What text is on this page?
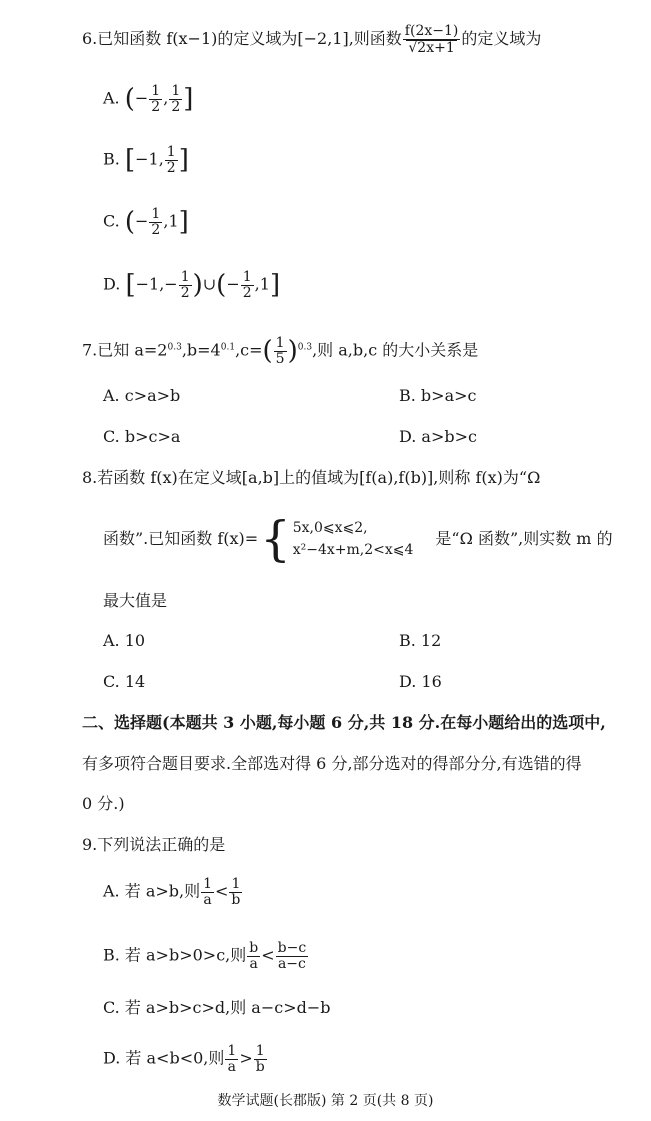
6.已知函数 f(x−1)的定义域为[−2,1],则函数 $\frac{f(2x-1)}{√2x+1}$ 的定义域为
A. (− $\frac{1}{2}$ , $\frac{1}{2}$ ]
B. [−1, $\frac{1}{2}$ ]
C. (− $\frac{1}{2} ,1$]
D. [$-1,- \frac{1}{2}$ )∪(− $\frac{1}{2} ,1$]
7.已知 $a=2^{0.3},b=4^{0.1},c=( \frac{1}{5} )^{0.3}$,则 a,b,c 的大小关系是
A. c>a>b	B. b>a>c
C. b>c>a	D. a>b>c
8.若函数 f(x)在定义域[a,b]上的值域为[f(a),f(b)],则称 f(x)为“Ω
函数”.已知函数 f(x)= { 5x,0⩽x⩽2,
x²−4x+m,2<x⩽4
是“Ω 函数”,则实数 m 的
最大值是
A. 10	B. 12
C. 14	D. 16
二、选择题(本题共 3 小题,每小题 6 分,共 18 分.在每小题给出的选项中,
有多项符合题目要求.全部选对得 6 分,部分选对的得部分分,有选错的得
0 分.)
9.下列说法正确的是
A. 若 a>b,则 $\frac{1}{a} < \frac{1}{b}$
B. 若 a>b>0>c,则 $\frac{b}{a} < \frac{b-c}{a-c}$
C. 若 a>b>c>d,则 a−c>d−b
D. 若 a<b<0,则 $\frac{1}{a} > \frac{1}{b}$
数学试题(长郡版) 第 2 页(共 8 页)
